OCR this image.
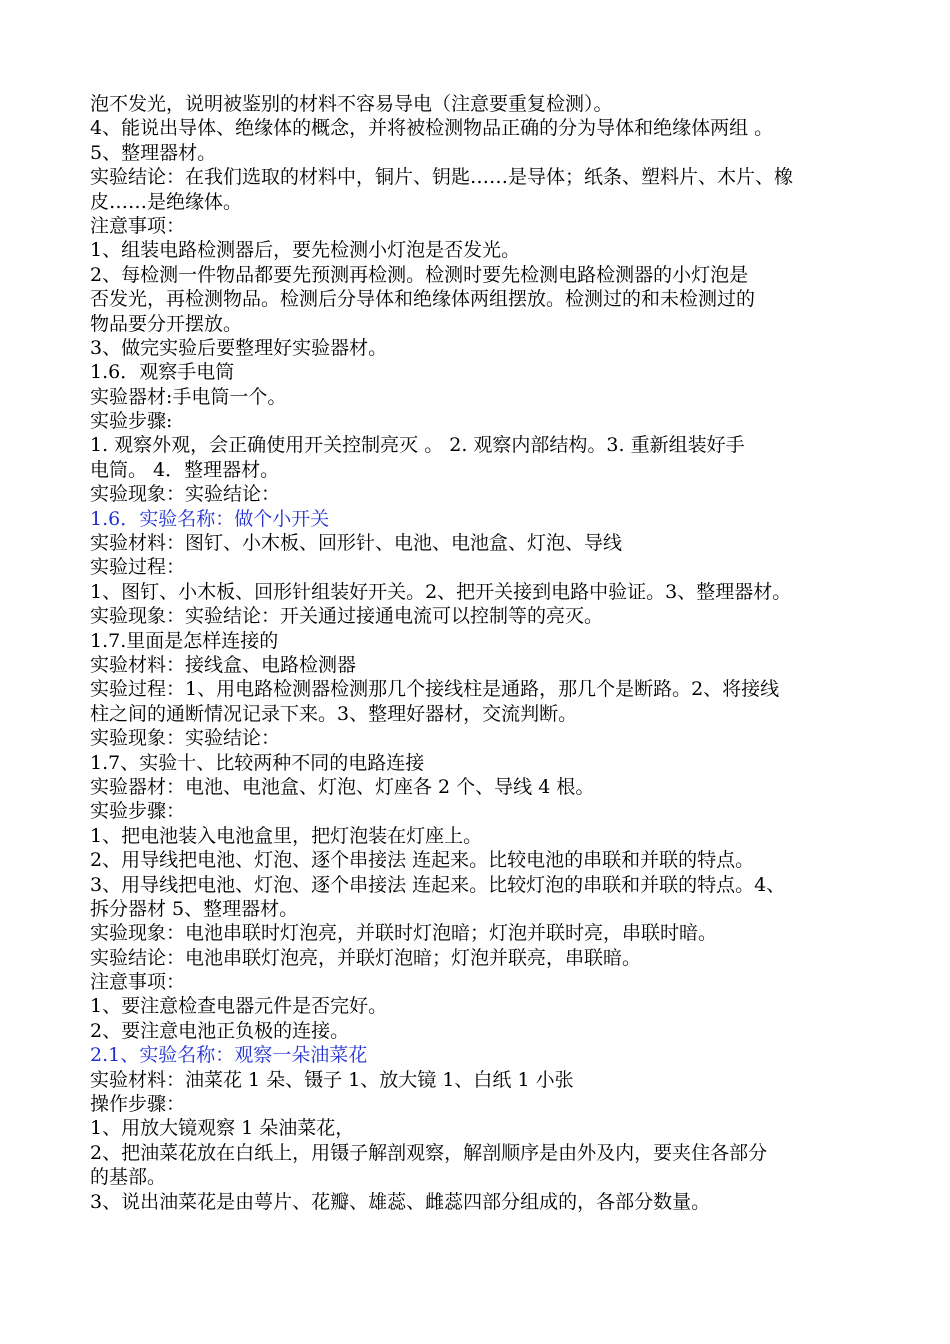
泡不发光，说明被鉴别的材料不容易导电（注意要重复检测）。
4、能说出导体、绝缘体的概念，并将被检测物品正确的分为导体和绝缘体两组 。
5、整理器材。
实验结论：在我们选取的材料中，铜片、钥匙……是导体；纸条、塑料片、木片、橡
皮……是绝缘体。
注意事项：
1、组装电路检测器后，要先检测小灯泡是否发光。
2、每检测一件物品都要先预测再检测。检测时要先检测电路检测器的小灯泡是
否发光，再检测物品。检测后分导体和绝缘体两组摆放。检测过的和未检测过的
物品要分开摆放。
3、做完实验后要整理好实验器材。
1.6．观察手电筒
实验器材:手电筒一个。
实验步骤:
1. 观察外观，会正确使用开关控制亮灭 。 2. 观察内部结构。3. 重新组装好手
电筒。 4．整理器材。
实验现象：实验结论：
1.6．实验名称：做个小开关
实验材料：图钉、小木板、回形针、电池、电池盒、灯泡、导线
实验过程：
1、图钉、小木板、回形针组装好开关。2、把开关接到电路中验证。3、整理器材。
实验现象：实验结论：开关通过接通电流可以控制等的亮灭。
1.7.里面是怎样连接的
实验材料：接线盒、电路检测器
实验过程：1、用电路检测器检测那几个接线柱是通路，那几个是断路。2、将接线
柱之间的通断情况记录下来。3、整理好器材，交流判断。
实验现象：实验结论：
1.7、实验十、比较两种不同的电路连接
实验器材：电池、电池盒、灯泡、灯座各 2 个、导线 4 根。
实验步骤：
1、把电池装入电池盒里，把灯泡装在灯座上。
2、用导线把电池、灯泡、逐个串接法 连起来。比较电池的串联和并联的特点。
3、用导线把电池、灯泡、逐个串接法 连起来。比较灯泡的串联和并联的特点。4、
拆分器材 5、整理器材。
实验现象：电池串联时灯泡亮，并联时灯泡暗；灯泡并联时亮，串联时暗。
实验结论：电池串联灯泡亮，并联灯泡暗；灯泡并联亮，串联暗。
注意事项：
1、要注意检查电器元件是否完好。
2、要注意电池正负极的连接。
2.1、实验名称：观察一朵油菜花
实验材料：油菜花 1 朵、镊子 1、放大镜 1、白纸 1 小张
操作步骤：
1、用放大镜观察 1 朵油菜花，
2、把油菜花放在白纸上，用镊子解剖观察，解剖顺序是由外及内，要夹住各部分
的基部。
3、说出油菜花是由萼片、花瓣、雄蕊、雌蕊四部分组成的，各部分数量。
